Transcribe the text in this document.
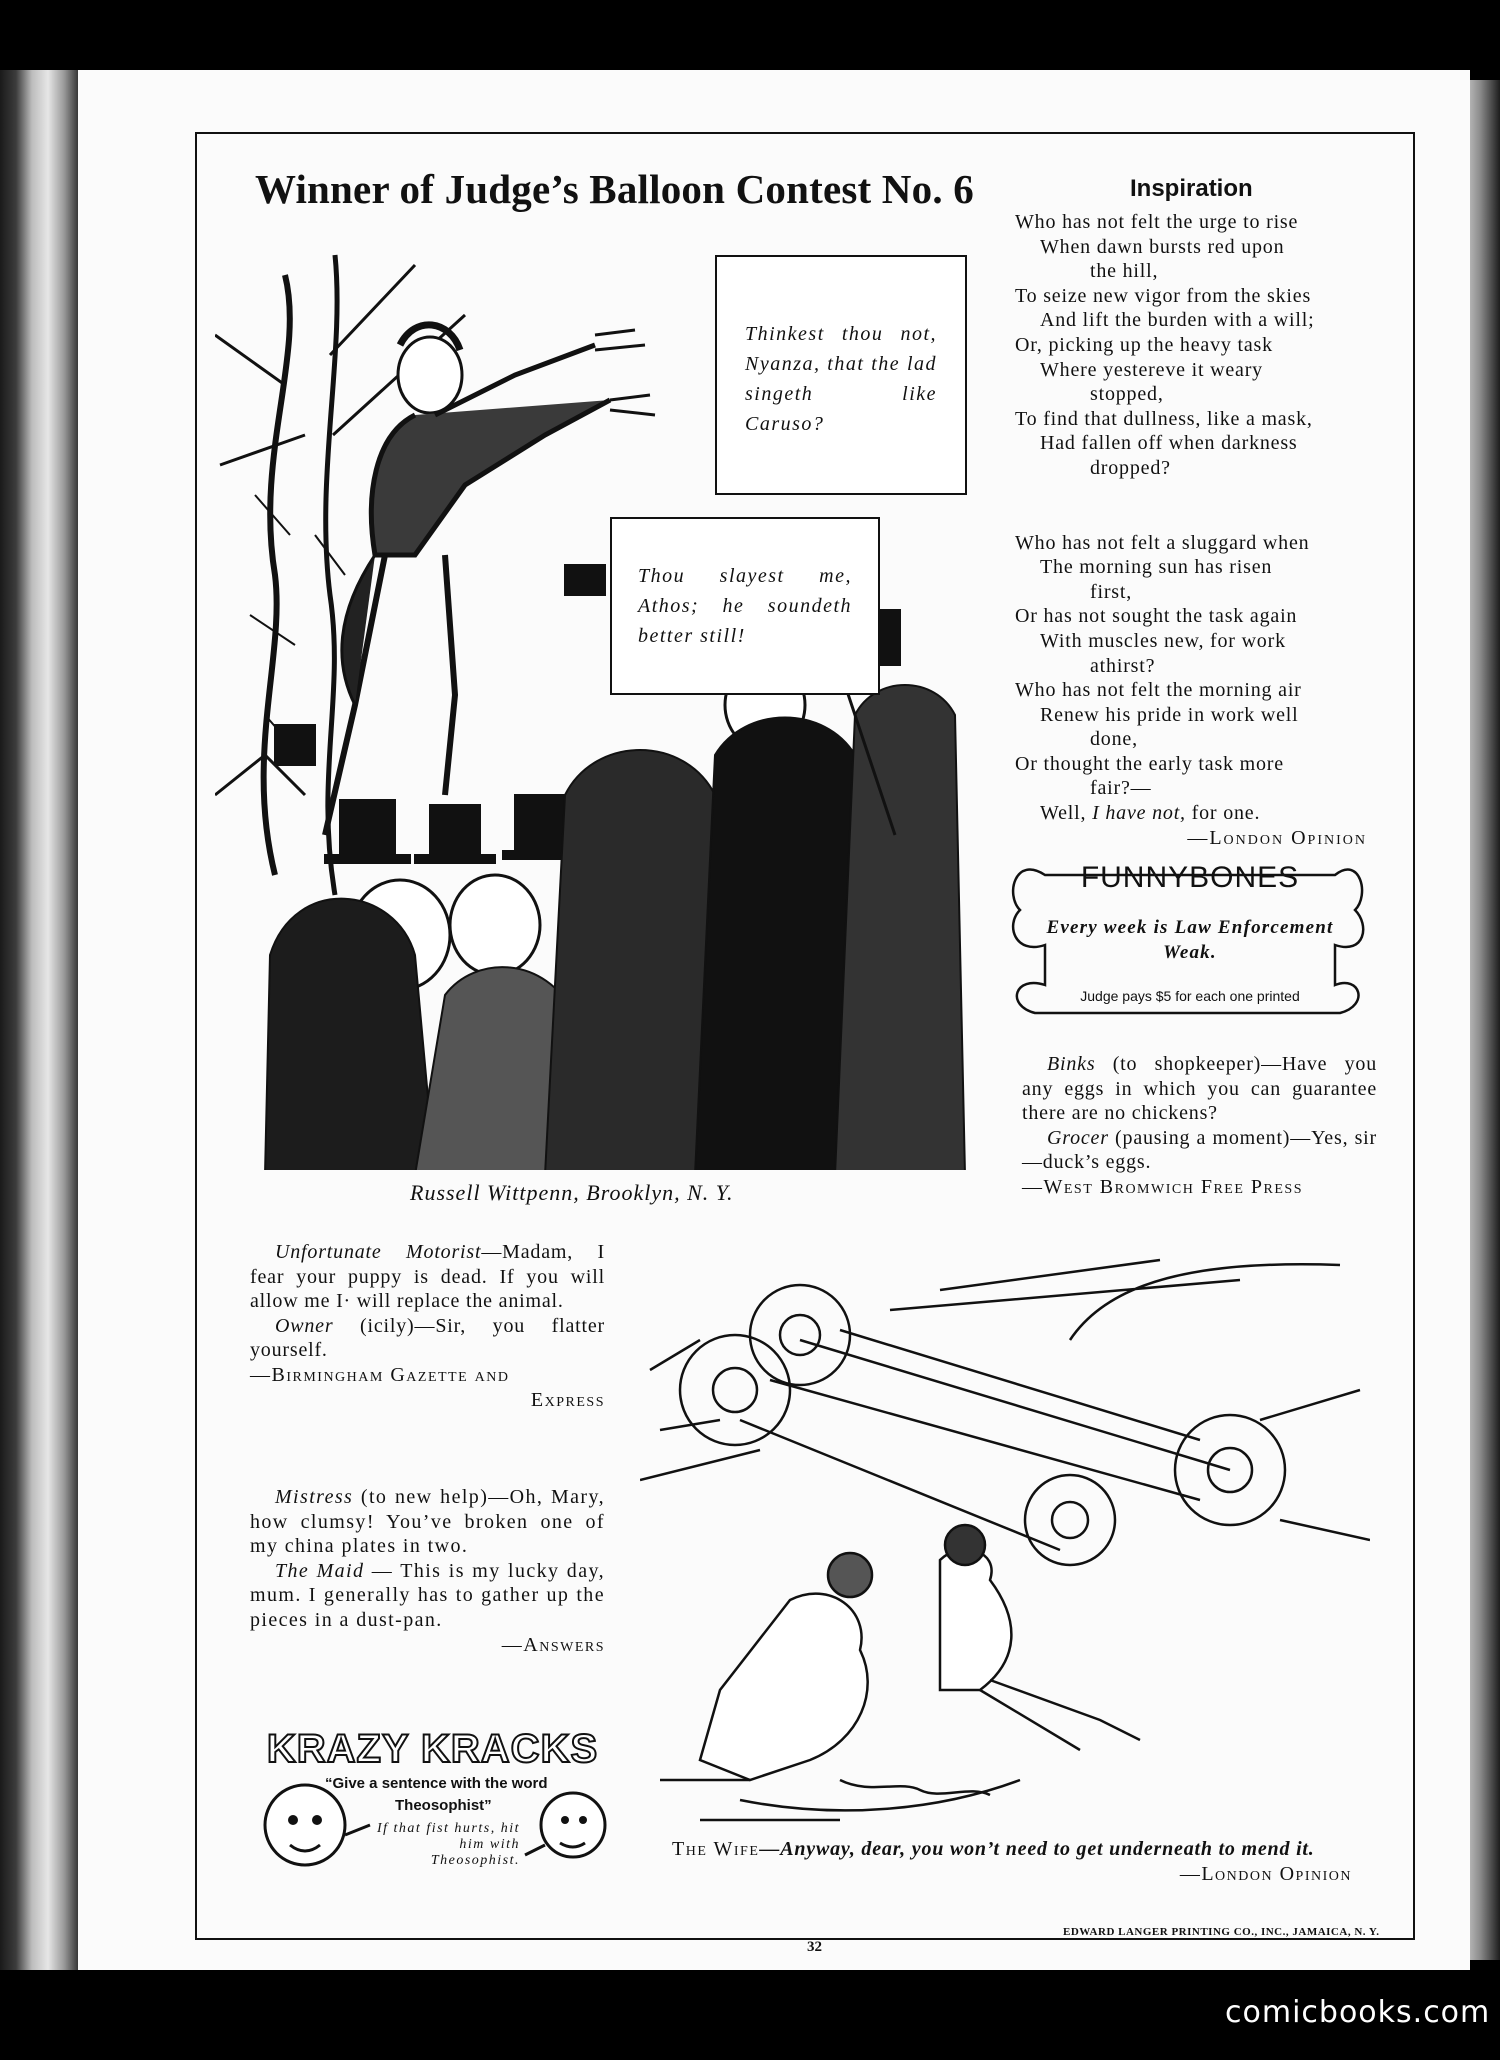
Winner of Judge’s Balloon Contest No. 6
Thinkest thou not, Nyanza, that the lad singeth like Caruso?
Thou slayest me, Athos; he soundeth better still!
Russell Wittpenn, Brooklyn, N. Y.
Inspiration
Who has not felt the urge to rise
When dawn bursts red upon
the hill,
To seize new vigor from the skies
And lift the burden with a will;
Or, picking up the heavy task
Where yestereve it weary
stopped,
To find that dullness, like a mask,
Had fallen off when darkness
dropped?
Who has not felt a sluggard when
The morning sun has risen
first,
Or has not sought the task again
With muscles new, for work
athirst?
Who has not felt the morning air
Renew his pride in work well
done,
Or thought the early task more
fair?—
Well, I have not, for one.
—London Opinion
FUNNYBONES
Every week is Law Enforcement Weak.
Judge pays $5 for each one printed

Binks (to shopkeeper)—Have you any eggs in which you can guarantee there are no chickens?

Grocer (pausing a moment)—Yes, sir—duck’s eggs.

—West Bromwich Free Press

Unfortunate Motorist—Madam, I fear your puppy is dead. If you will allow me I· will replace the animal.

Owner (icily)—Sir, you flatter yourself.

—Birmingham Gazette and

Express

Mistress (to new help)—Oh, Mary, how clumsy! You’ve broken one of my china plates in two.

The Maid — This is my lucky day, mum. I generally has to gather up the pieces in a dust-pan.

—Answers

KRAZY KRACKS
“Give a sentence with the word
Theosophist”
If that fist hurts, hit him with Theosophist.
The Wife—Anyway, dear, you won’t need to get underneath to mend it.
—London Opinion
32
EDWARD LANGER PRINTING CO., INC., JAMAICA, N. Y.
comicbooks.com
